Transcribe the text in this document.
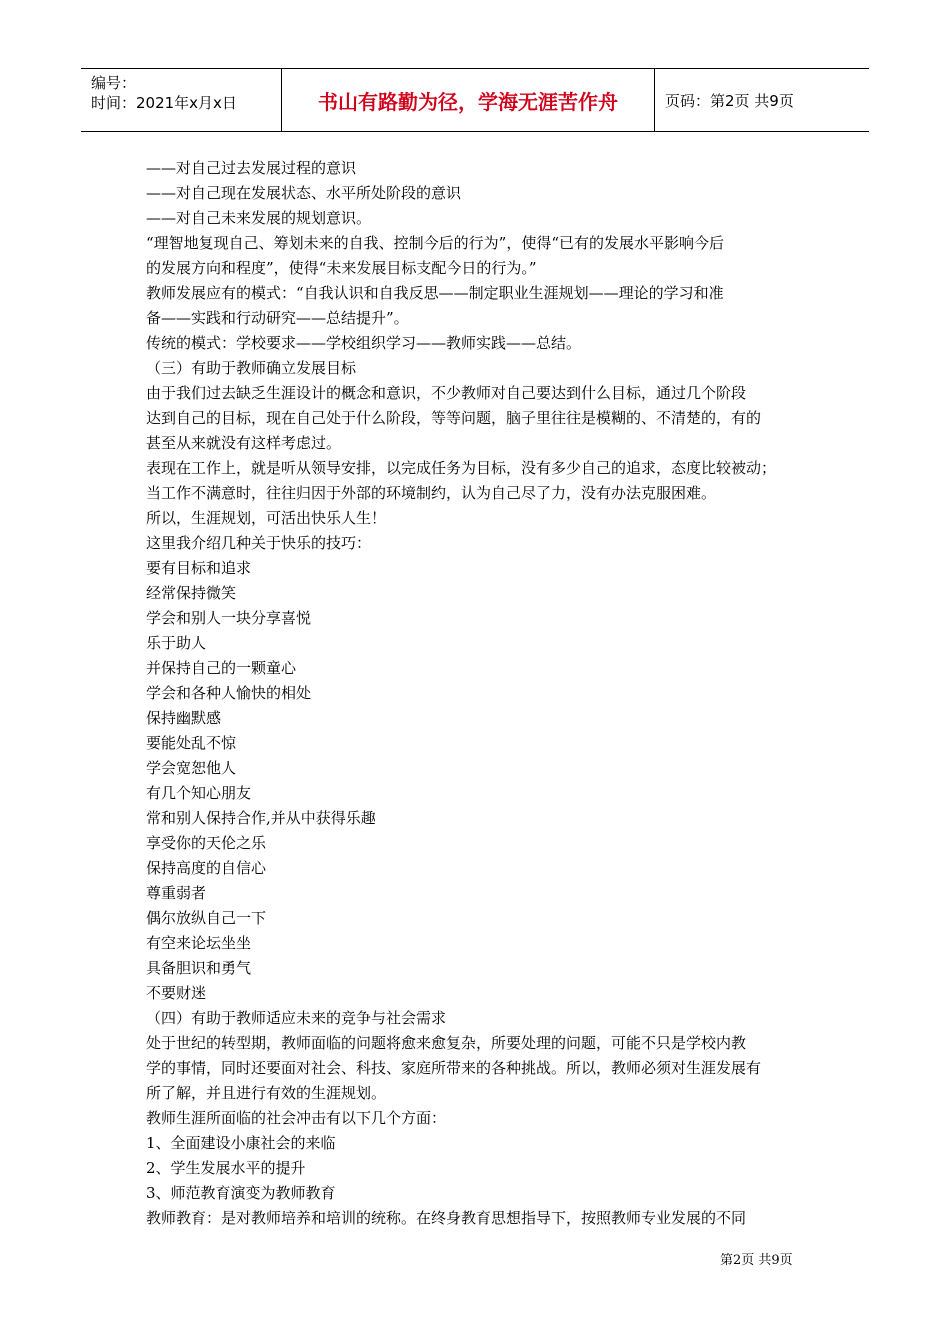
编号：
时间：2021年x月x日	书山有路勤为径，学海无涯苦作舟	页码：第2页 共9页

——对自己过去发展过程的意识

——对自己现在发展状态、水平所处阶段的意识

——对自己未来发展的规划意识。

“理智地复现自己、筹划未来的自我、控制今后的行为”，使得“已有的发展水平影响今后

的发展方向和程度”，使得“未来发展目标支配今日的行为。”

教师发展应有的模式：“自我认识和自我反思——制定职业生涯规划——理论的学习和准

备——实践和行动研究——总结提升”。

传统的模式：学校要求——学校组织学习——教师实践——总结。

（三）有助于教师确立发展目标

由于我们过去缺乏生涯设计的概念和意识，不少教师对自己要达到什么目标，通过几个阶段

达到自己的目标，现在自己处于什么阶段，等等问题，脑子里往往是模糊的、不清楚的，有的

甚至从来就没有这样考虑过。

表现在工作上，就是听从领导安排，以完成任务为目标，没有多少自己的追求，态度比较被动；

当工作不满意时，往往归因于外部的环境制约，认为自己尽了力，没有办法克服困难。

所以，生涯规划，可活出快乐人生！

这里我介绍几种关于快乐的技巧：

要有目标和追求

经常保持微笑

学会和别人一块分享喜悦

乐于助人

并保持自己的一颗童心

学会和各种人愉快的相处

保持幽默感

要能处乱不惊

学会宽恕他人

有几个知心朋友

常和别人保持合作,并从中获得乐趣

享受你的天伦之乐

保持高度的自信心

尊重弱者

偶尔放纵自己一下

有空来论坛坐坐

具备胆识和勇气

不要财迷

（四）有助于教师适应未来的竞争与社会需求

处于世纪的转型期，教师面临的问题将愈来愈复杂，所要处理的问题，可能不只是学校内教

学的事情，同时还要面对社会、科技、家庭所带来的各种挑战。所以，教师必须对生涯发展有

所了解，并且进行有效的生涯规划。

教师生涯所面临的社会冲击有以下几个方面：

1、全面建设小康社会的来临

2、学生发展水平的提升

3、师范教育演变为教师教育

教师教育：是对教师培养和培训的统称。在终身教育思想指导下，按照教师专业发展的不同

第2页 共9页
